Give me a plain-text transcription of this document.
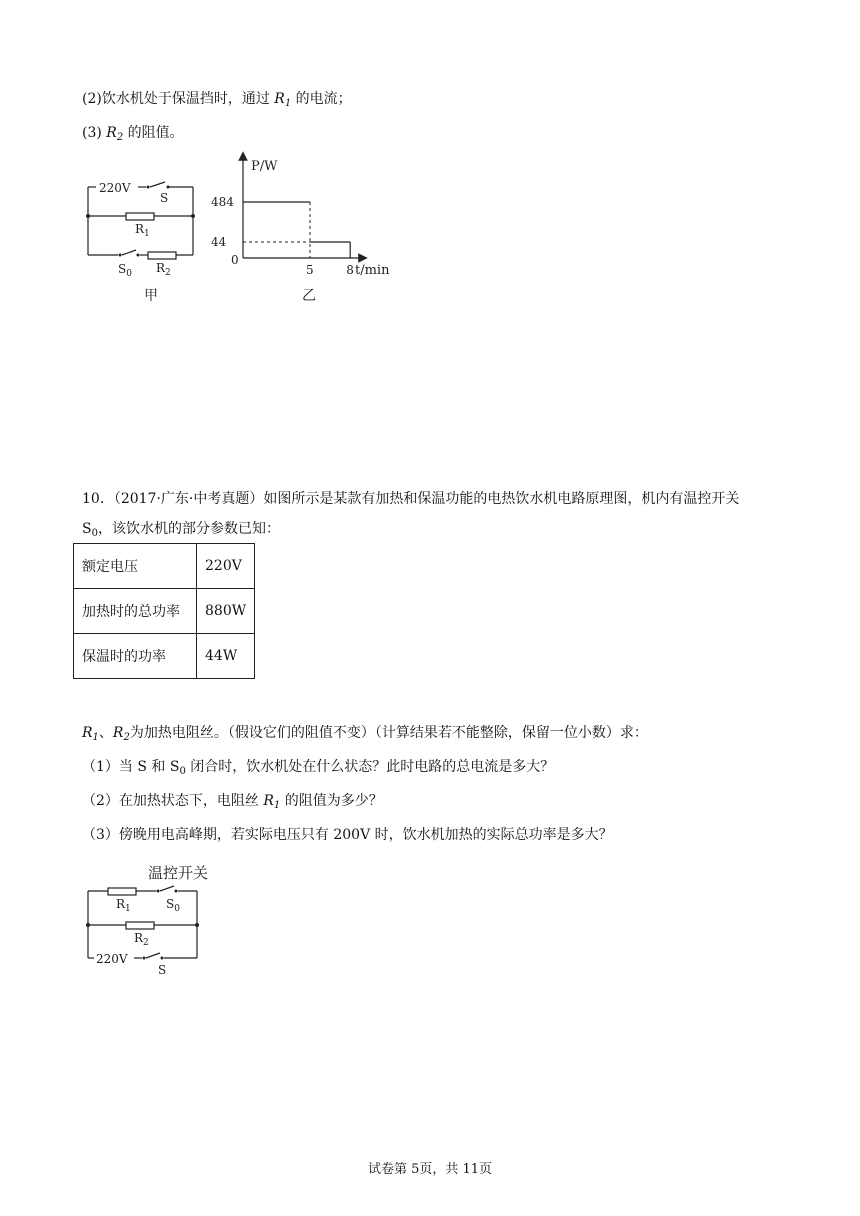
(2)饮水机处于保温挡时，通过 $R_1$ 的电流；
(3) $R_2$ 的阻值。
220V
S
$R_1$
$S_0$ $R_2$
甲
P/W
t/min
0
484
44
5	8
乙
10．（2017·广东·中考真题）如图所示是某款有加热和保温功能的电热饮水机电路原理图，机内有温控开关
$S_0$，该饮水机的部分参数已知：
额定电压	220V
加热时的总功率	880W
保温时的功率	44W
$R_1$、$R_2$为加热电阻丝。（假设它们的阻值不变）（计算结果若不能整除，保留一位小数）求：
（1）当 S 和 $S_0$ 闭合时，饮水机处在什么状态？此时电路的总电流是多大？
（2）在加热状态下，电阻丝 $R_1$ 的阻值为多少？
（3）傍晚用电高峰期，若实际电压只有 200V 时，饮水机加热的实际总功率是多大？
温控开关
$R_1$	$S_0$
$R_2$
220V
S
试卷第 5页，共 11页
